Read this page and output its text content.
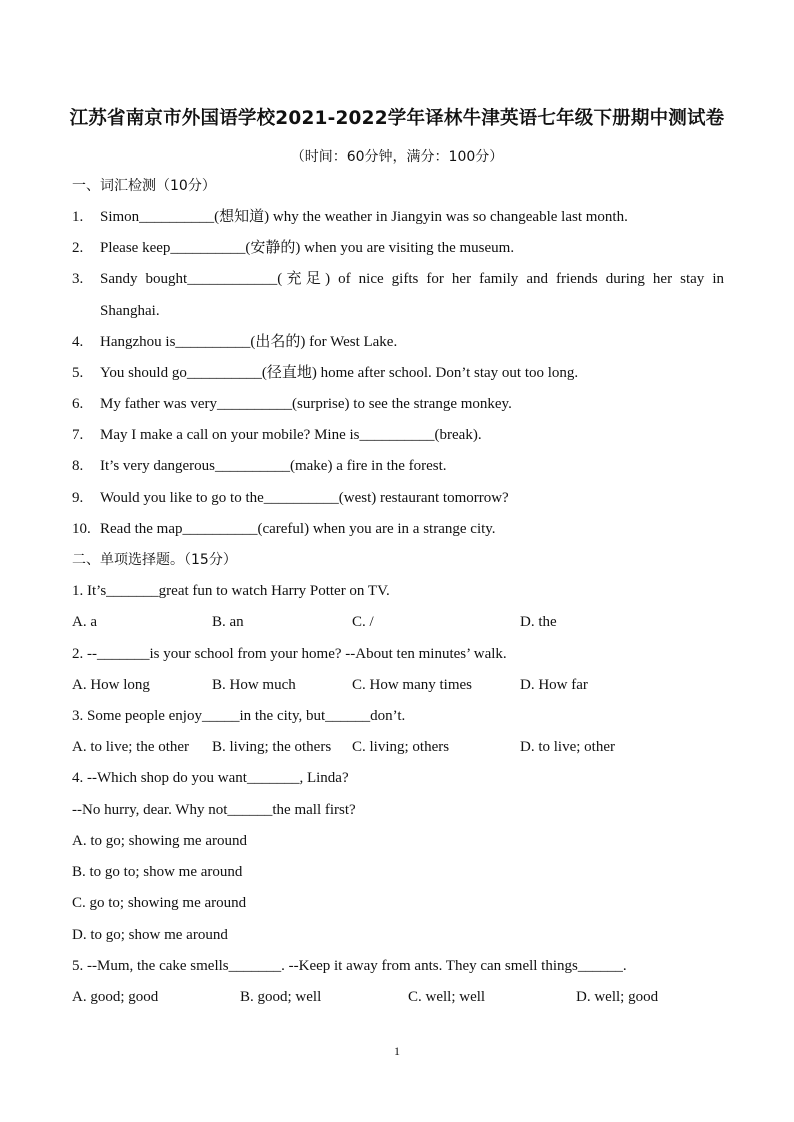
江苏省南京市外国语学校2021-2022学年译林牛津英语七年级下册期中测试卷
（时间：60分钟，满分：100分）
一、词汇检测（10分）
1. Simon__________(想知道) why the weather in Jiangyin was so changeable last month.
2. Please keep__________(安静的) when you are visiting the museum.
3.	Sandy bought____________(充足) of nice gifts for her family and friends during her stay in
Shanghai.
4. Hangzhou is__________(出名的) for West Lake.
5. You should go__________(径直地) home after school. Don’t stay out too long.
6. My father was very__________(surprise) to see the strange monkey.
7. May I make a call on your mobile? Mine is__________(break).
8. It’s very dangerous__________(make) a fire in the forest.
9. Would you like to go to the__________(west) restaurant tomorrow?
10. Read the map__________(careful) when you are in a strange city.
二、单项选择题。（15分）
1. It’s_______great fun to watch Harry Potter on TV.
A. a	B. an	C. /	D. the
2. --_______is your school from your home? --About ten minutes’ walk.
A. How long	B. How much	C. How many times	D. How far
3. Some people enjoy_____in the city, but______don’t.
A. to live; the other B. living; the others C. living; others	D. to live; other
4. --Which shop do you want_______, Linda?
--No hurry, dear. Why not______the mall first?
A. to go; showing me around
B. to go to; show me around
C. go to; showing me around
D. to go; show me around
5. --Mum, the cake smells_______. --Keep it away from ants. They can smell things______.
A. good; good	B. good; well	C. well; well	D. well; good
1
